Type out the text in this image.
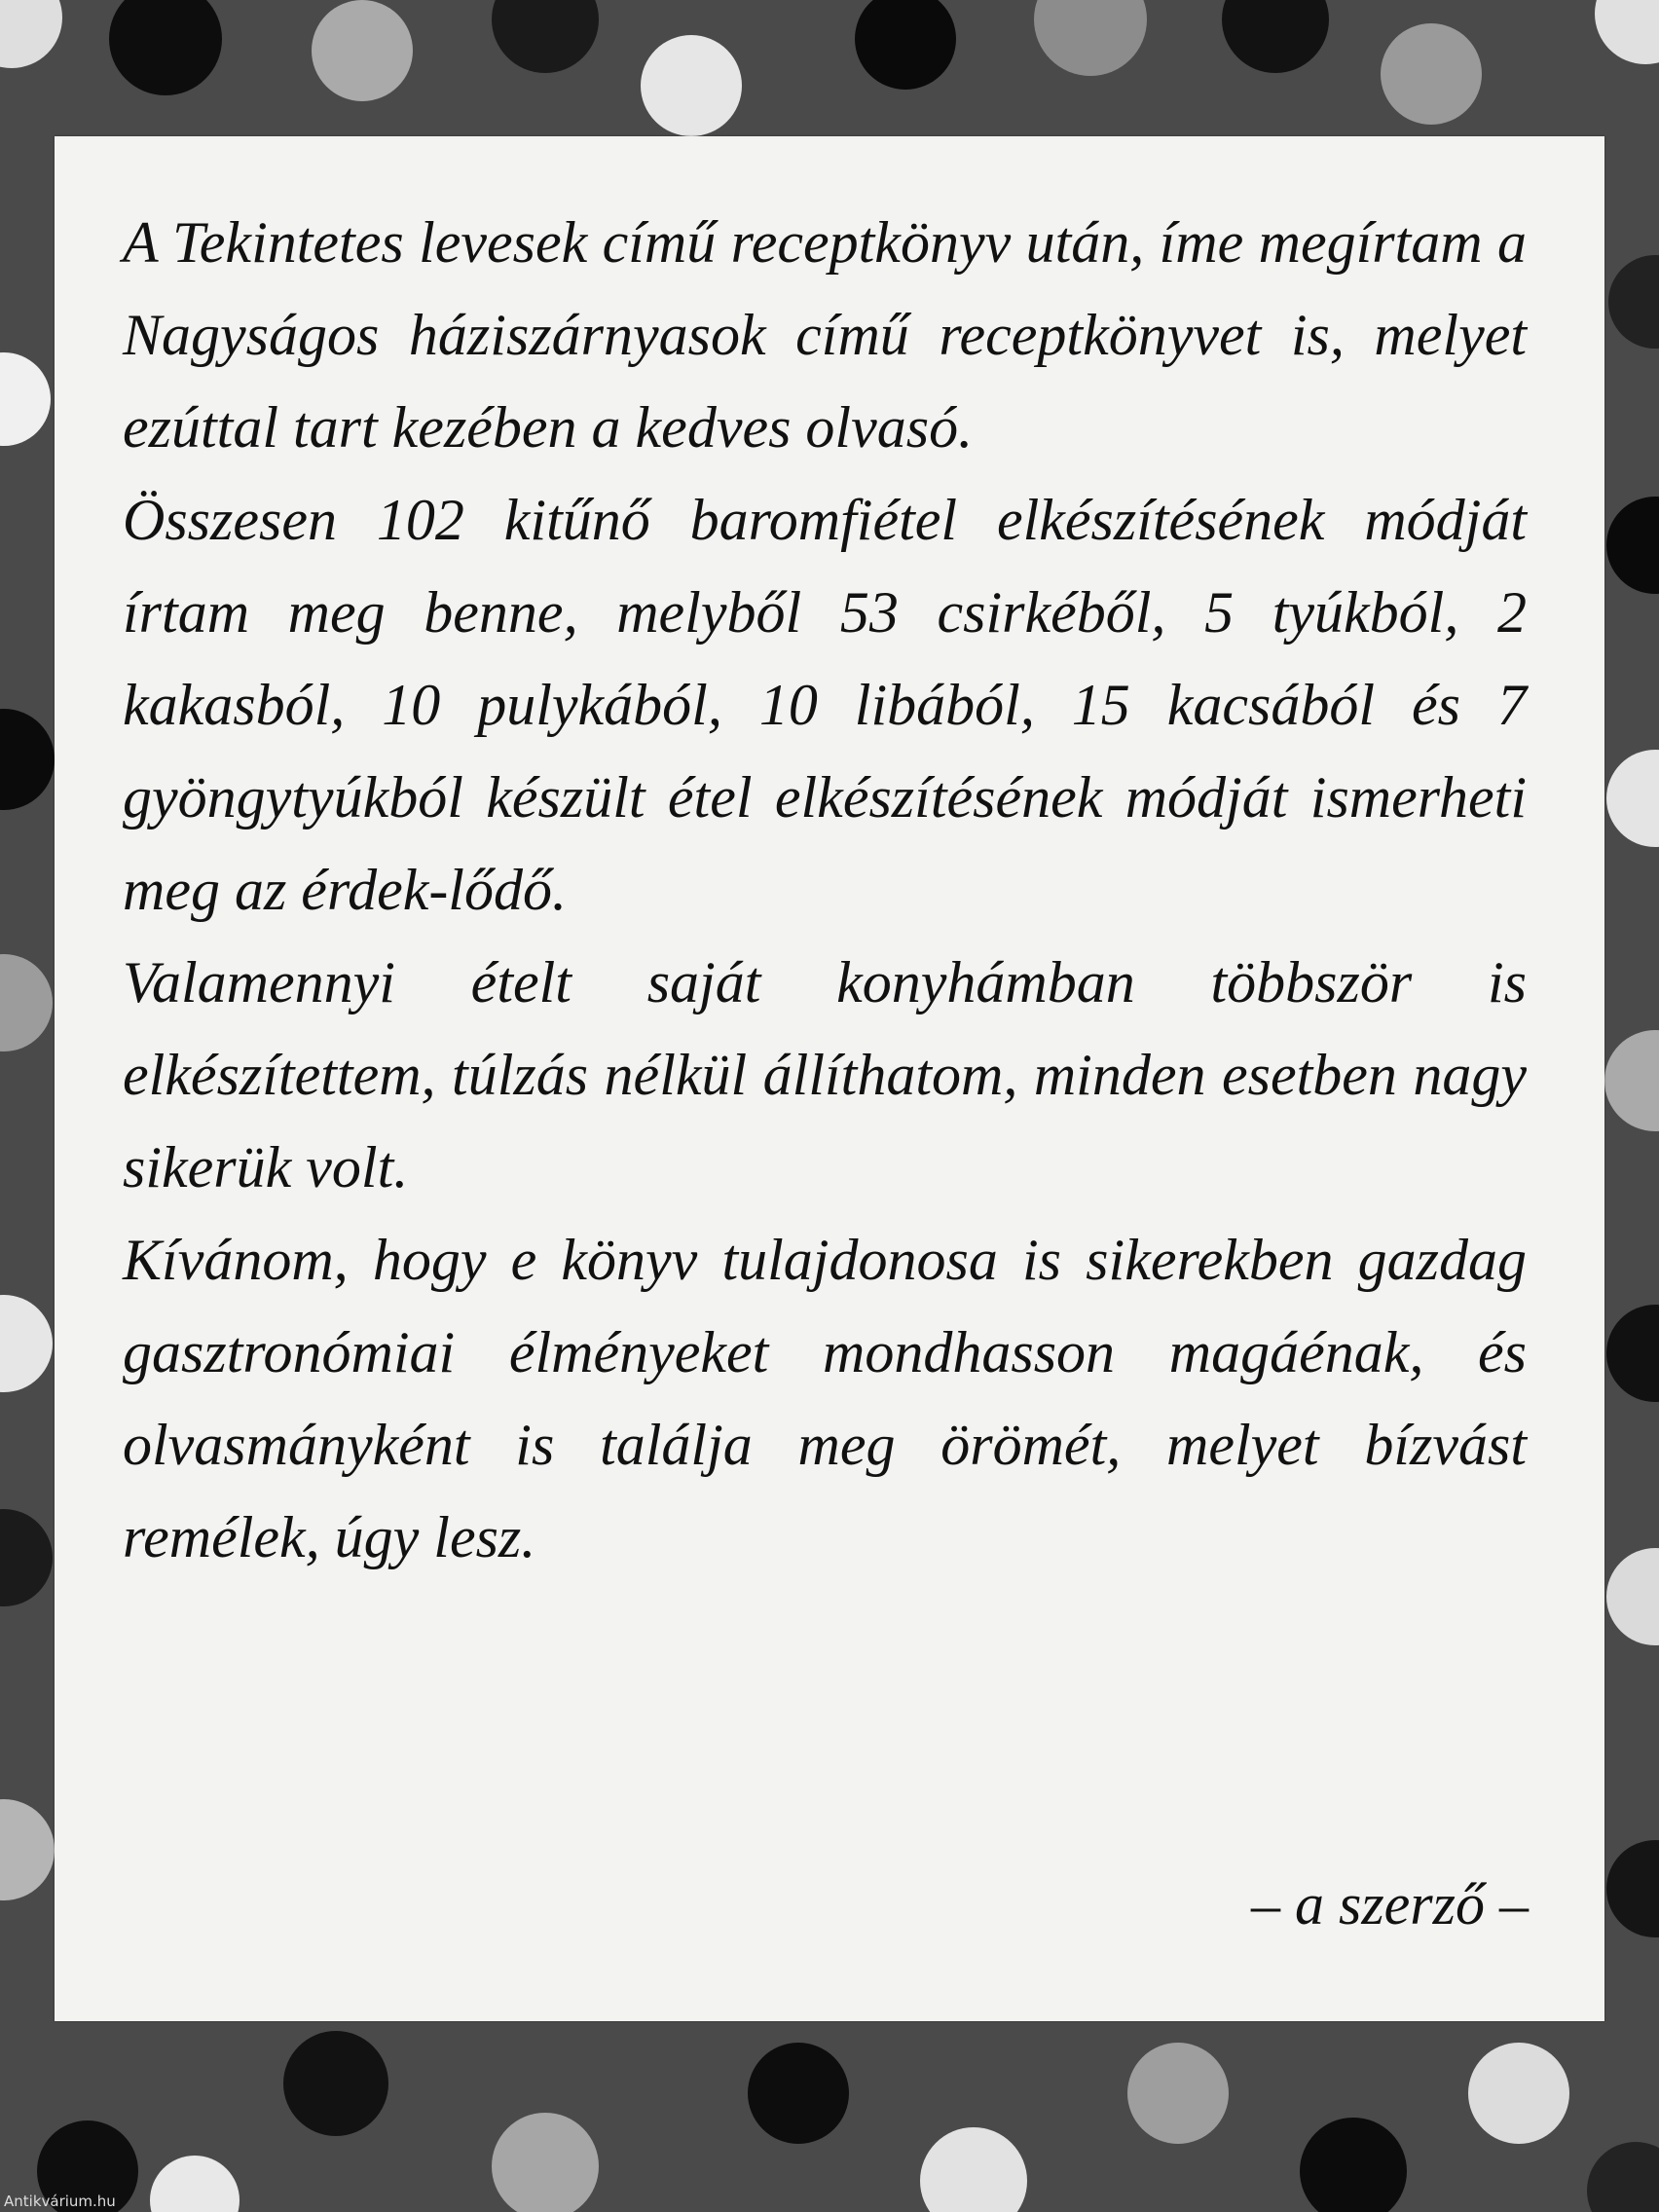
A Tekintetes levesek című receptkönyv után, íme megírtam a Nagyságos háziszárnyasok című receptkönyvet is, melyet ezúttal tart kezében a kedves olvasó.

Összesen 102 kitűnő baromfiétel elkészítésének módját írtam meg benne, melyből 53 csirkéből, 5 tyúkból, 2 kakasból, 10 pulykából, 10 libából, 15 kacsából és 7 gyöngytyúkból készült étel elkészítésének módját ismerheti meg az érdek-lődő.

Valamennyi ételt saját konyhámban többször is elkészítettem, túlzás nélkül állíthatom, minden esetben nagy sikerük volt.

Kívánom, hogy e könyv tulajdonosa is sikerekben gazdag gasztronómiai élményeket mondhasson magáénak, és olvasmányként is találja meg örömét, melyet bízvást remélek, úgy lesz.

– a szerző –
Antikvárium.hu
